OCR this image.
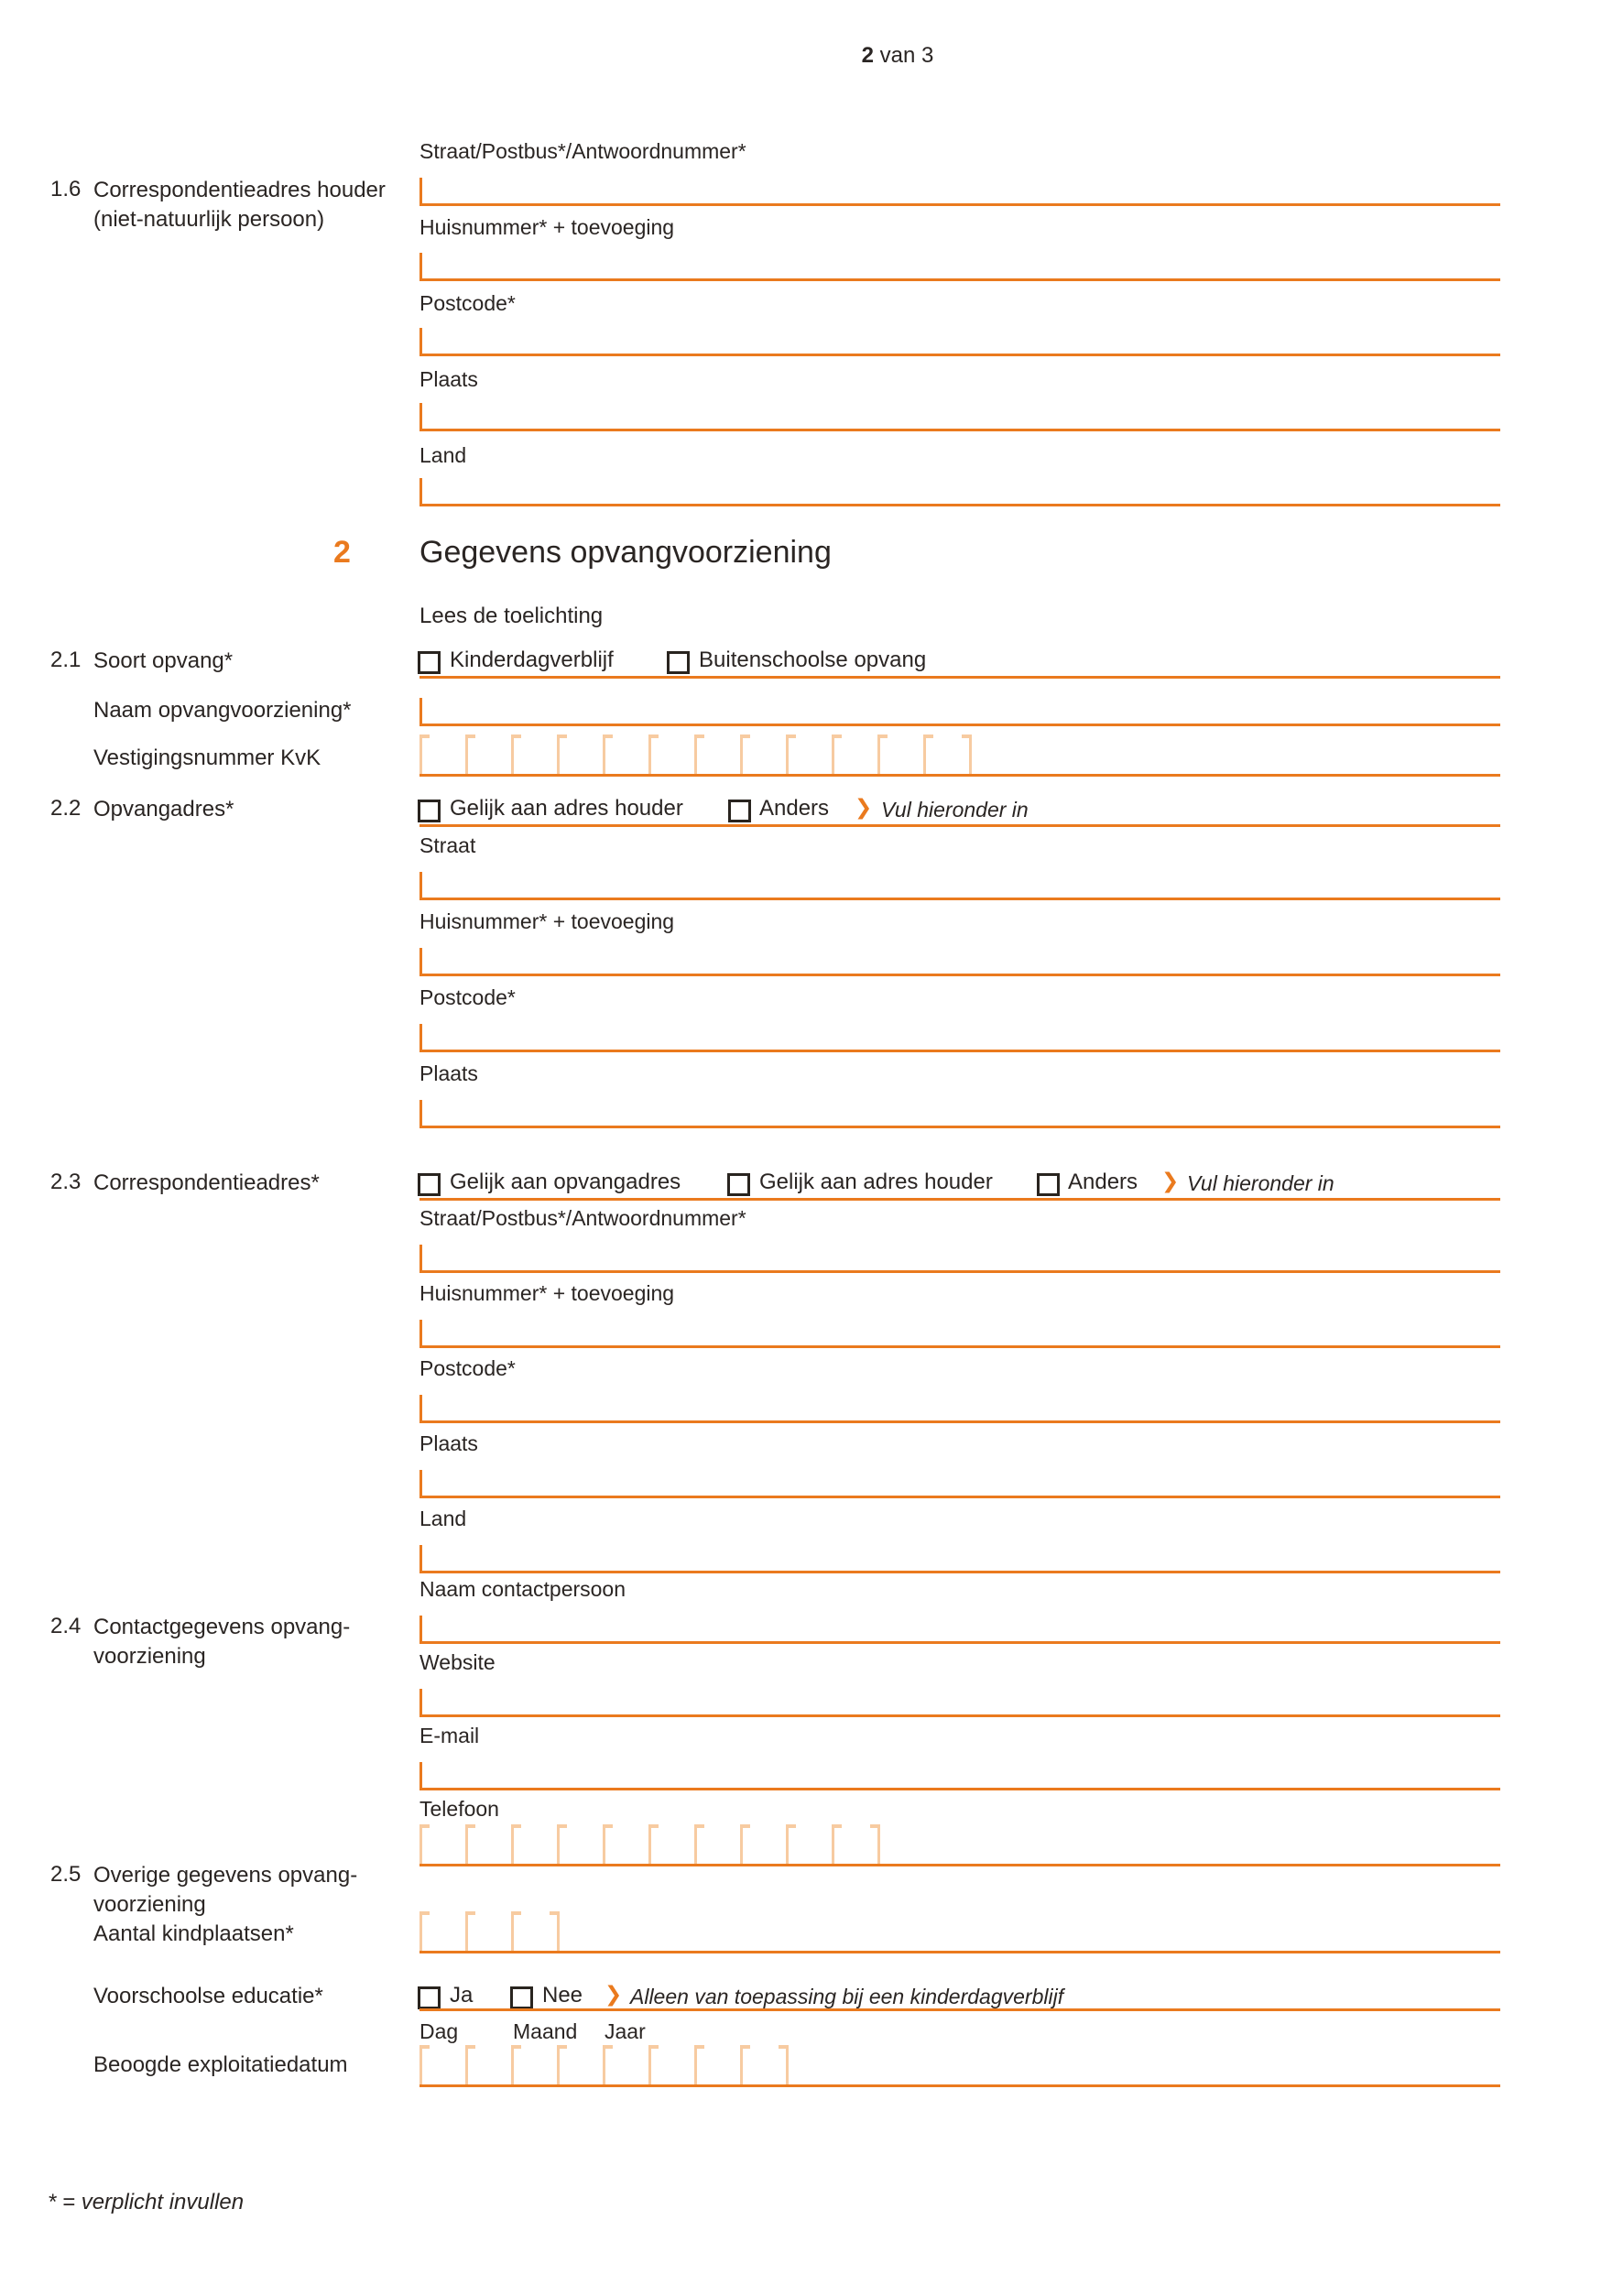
2 van 3
1.6 Correspondentieadres houder
(niet-natuurlijk persoon)
Straat/Postbus*/Antwoordnummer*
Huisnummer* + toevoeging
Postcode*
Plaats
Land
2 Gegevens opvangvoorziening
Lees de toelichting
2.1 Soort opvang*	Kinderdagverblijf	Buitenschoolse opvang
Naam opvangvoorziening*
Vestigingsnummer KvK
2.2 Opvangadres*	Gelijk aan adres houder	Anders ❯ Vul hieronder in
Straat
Huisnummer* + toevoeging
Postcode*
Plaats
2.3 Correspondentieadres*	Gelijk aan opvangadres	Gelijk aan adres houder	Anders ❯ Vul hieronder in
Straat/Postbus*/Antwoordnummer*
Huisnummer* + toevoeging
Postcode*
Plaats
Land
Naam contactpersoon
2.4 Contactgegevens opvang-
voorziening	Website
E-mail
Telefoon
2.5 Overige gegevens opvang-
voorziening
Aantal kindplaatsen*
Voorschoolse educatie*	Ja	Nee ❯ Alleen van toepassing bij een kinderdagverblijf
Dag	Maand Jaar
Beoogde exploitatiedatum
* = verplicht invullen
